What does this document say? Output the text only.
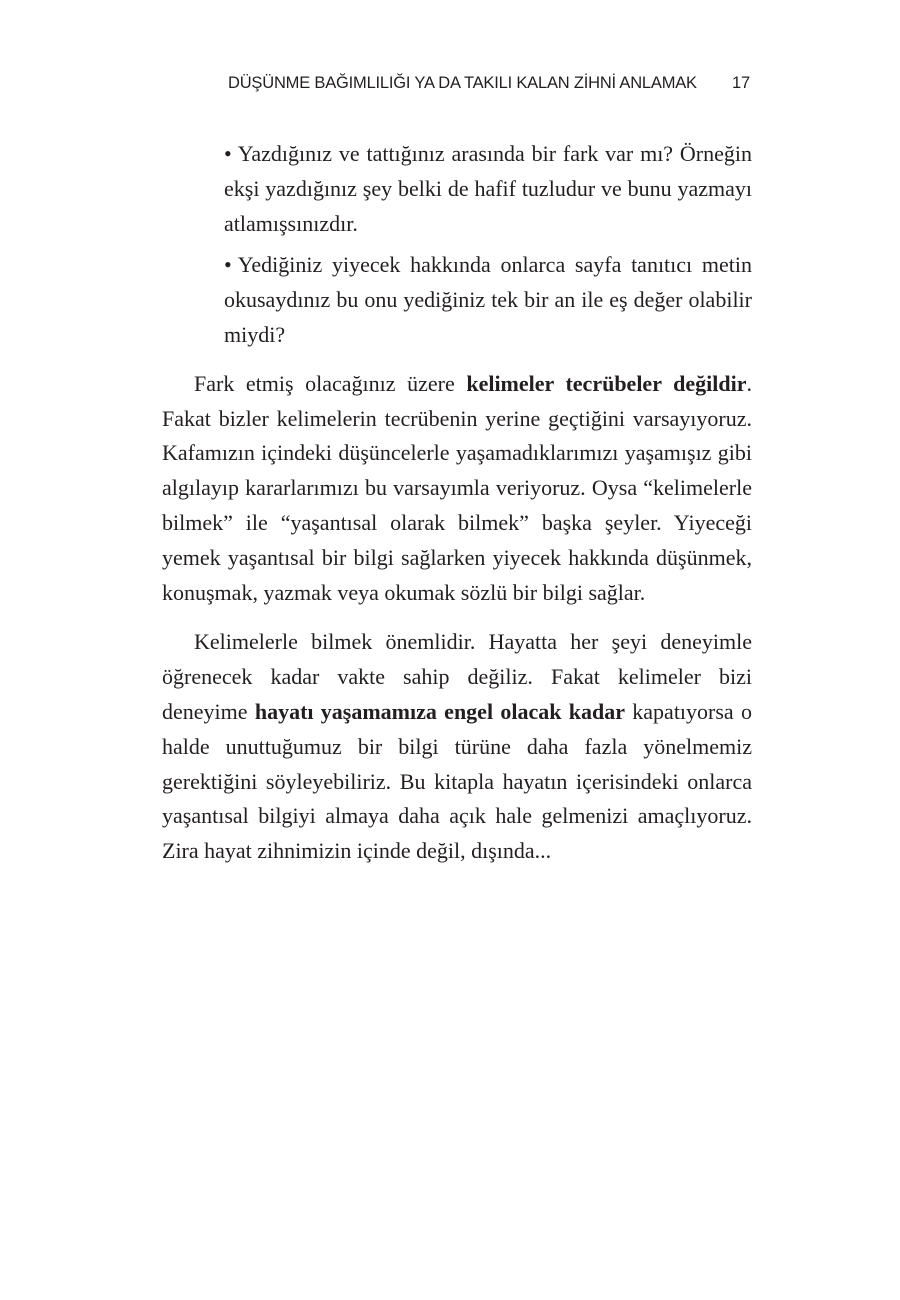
DÜŞÜNME BAĞIMLILIĞI YA DA TAKILI KALAN ZİHNİ ANLAMAK 17
• Yazdığınız ve tattığınız arasında bir fark var mı? Örneğin ekşi yazdığınız şey belki de hafif tuzludur ve bunu yazmayı atlamışsınızdır.
• Yediğiniz yiyecek hakkında onlarca sayfa tanıtıcı metin okusaydınız bu onu yediğiniz tek bir an ile eş değer olabilir miydi?

Fark etmiş olacağınız üzere kelimeler tecrübeler değildir. Fakat bizler kelimelerin tecrübenin yerine geçtiğini varsayıyoruz. Kafamızın içindeki düşüncelerle yaşamadıklarımızı yaşamışız gibi algılayıp kararlarımızı bu varsayımla veriyoruz. Oysa “kelimelerle bilmek” ile “yaşantısal olarak bilmek” başka şeyler. Yiyeceği yemek yaşantısal bir bilgi sağlarken yiyecek hakkında düşünmek, konuşmak, yazmak veya okumak sözlü bir bilgi sağlar.

Kelimelerle bilmek önemlidir. Hayatta her şeyi deneyimle öğrenecek kadar vakte sahip değiliz. Fakat kelimeler bizi deneyime hayatı yaşamamıza engel olacak kadar kapatıyorsa o halde unuttuğumuz bir bilgi türüne daha fazla yönelmemiz gerektiğini söyleyebiliriz. Bu kitapla hayatın içerisindeki onlarca yaşantısal bilgiyi almaya daha açık hale gelmenizi amaçlıyoruz. Zira hayat zihnimizin içinde değil, dışında...
